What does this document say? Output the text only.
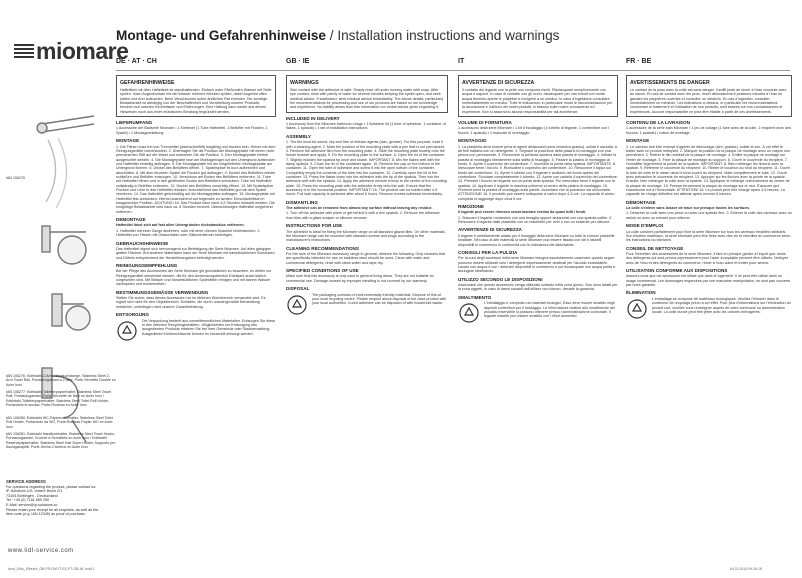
miomare
IAN 106276
IAN 106276: Edelstahl-2-Arm-Handtuchstange, Stainless Steel 2-Arm Towel Rail, Portasciugamani a 2 aste, Porte-Serviette Double en Acier Inox
IAN 106277: Edelstahl-Toilettenpapierhalter, Stainless Steel Towel Rail, Portasciugamani, Porte-Serviette de Bain en Acier Inox / Edelstahl-Toilettenpapierhalter, Stainless Steel Toilet Roll Holder, Portarotolo in acciaio, Porte-Rouleau en Acier Inox
IAN 106280: Edelstahl WC-Papierrollenhalter, Stainless Steel Toilet Roll Holder, Portarotolo da WC, Porte-Rouleau Papier WC en Acier Inox
IAN 106281: Edelstahl Handtuchhalter, Stainless Steel Towel Hooks, Portasciugamani, Crochet à Serviettes en Acier Inox / Edelstahl Reservepapierhalter, Stainless Steel Hair Dryer Holder, Supporto per Asciugacapelli, Porte-Sèche-Cheveux en Acier Inox
SERVICE ADDRESS
For questions regarding the product, please contact us:
IP-Solutions UG, Untere Bruch 2/1
73104 Börtlingen - Deutschland
Tel.: +49 (0) 7161 650 250
E-Mail: service@ip-solutions.cc
Please retain your receipt for all enquiries, as well as the item code (e.g. IAN 12345) as proof of purchase.
www.lidl-service.com
Anst_Edls_Elbecht_GB-FR-DM-IT-ES-PT-GB-NL.indd 1	04.11.2014 09:26:18
Montage- und Gefahrenhinweise / Installation instructions and warnings
DE · AT · CH	GB · IE	IT	FR · BE
GEFAHRENHINWEISE

Haftetikett mit über Haftetikett ist standhaltenden. Einfach unter Fließenden Wasser mit Seife spülen. Nach Augenkontakt mit viel Wasser mehrere Minuten spülen, dabei Augenlid offen halten und Arzt aufsuchen. Beim Verschlucken sofort ärztlichen Rat einholen. Die sonstige Belastbarkeit ist abhängig von der Beschaffenheit und Verarbeitung unserer Produkte, beruhen auf unseren Kenntnissen und Erfahrungen. Eine Haftung kann weder aus diesen Hinweisen noch aus einer mündlichen Beratung begründet werden.

LIEFERUMFANG

1 Accessoire der Badserie Miomare • 1 Klebeset (1 Tube Haftmittel, 1 Beilüfter mit Flocken, 1 Spatel) • 1 Montageanleitung

MONTAGE

1. Die Fliese muss frei von Trennmittel (wachs/Antifett) tragfähig und trocken sein. Hierzu mit dem Reinigungsmittel vorbehandeln. 2. Übertragen Sie die Position der Montageplatte mit einem nicht permanenten Stift auf die Wand und markieren Sie die Position. 3. Den Montageplatte hierbei ausgerichtet werden. 4. Die Montageplatte lose am Montagebügel auf den Untergrund aufstecken und Haftmittel einseitig auftragen. 5. Die Montageplatte mit der mitgelieferten Montageplatte am Untergrund fixieren. 6. Deckel des Beilüfters öffnen. 7. Spatelspitze fix kurz aufbrechen und abschütten. 8. Mit dem feuchten Spatel die Flocken gut auftragen. 9. Deckel des Beilüfters wieder schließen und Beilüfter entsorgen. 10. Verschluss am Boden des Beilüfters entfernen. 11. Tube mit Haftmittel öffnen und in den geöffneten Boden des Beilüfters schrauben. Tube mit Haftmittel vollständig in Beilüfter entleeren. 12. Deckel des Beilüfters vorsichtig öffnen. 13. Mit Spatelspitze Flocken und Leim in das Haftmittel drücken. Anschließend das Haftmittel gut mit dem Spatel verrühren. 14. Das Haftmittel gleichmäßig auf die Montageplatte auftragen. 15. Montageplatte mit Haftmittel fest andrücken. Hierbei ausreichend auf folgendes zu achten: Einschaufeltisch in waagerechter Position. ACHTUNG! 16. Das Produkt kann nach 4-5 Stunden belastet werden. Die endgültige Belastbarkeit wird nach ca. 6 Stunden erreicht. Überschüssiges Haftmittel umgehend entfernen.

DEMONTAGE

Haftmittel lässt sich auf fast allen Untergründen rückstandslos entfernen.

1. Haftmittel mit einer Zange abdrehen, oder mit einer dünnen Spachtel hinterstechen. 2. Haftmittel von Fliesen mit Glasschaber oder Silikonentferner beseitigen.

GEBRAUCHSHINWEISE

Das Haftmittel eignet sich hervorragend zur Befestigung der Serie Miomare. Auf allen gängigen glatten Flächen. Auf anderen Materialien kann die Serie Miomare mit handelsüblichen Schrauben und Dübeln entsprechend der Herstellerangaben befestigt werden.

REINIGUNGSEMPFEHLUNG

Bei der Pflege des Accessoires der Serie Miomare gilt grundsätzlich zu beachten, es dürfen nur Reinigungsmittel verwendet werden, die für den Anwendungsbereich Edelstahl ausdrücklich vorgesehen sind. Mit Wasser und handelsüblichen Spülmitteln reinigen und mit klarem Wasser nachspülen und trockenreiben.

BESTIMMUNGSGEMÄSSE VERWENDUNG

Stellen Sie sicher, dass dieses Accessoire nur im üblichen Wohnbereich verwendet wird. Es eignet sich nicht für den Objektbereich. Schäden, die durch unsachgemäße Behandlung entstehen, unterliegen nicht unserer Garantieleistung.

ENTSORGUNG

Die Verpackung besteht aus umweltfreundlichen Materialien. Entsorgen Sie diese in den örtlichen Recyclingbehältern. Möglichkeiten zur Entsorgung des ausgedienten Produkts erfahren Sie bei Ihrer Gemeinde oder Stadtverwaltung. Ausgediente Kühlerschläuche können im Hausmüll entsorgt werden.

WARNINGS

Skin contact with the adhesive is safe. Simply rinse off under running water with soap. After eye contact, rinse with plenty of water for several minutes keeping the eyelid open, and seek medical advice. If swallowed, seek medical advice immediately. The above details, particularly the recommendations for processing and use of our products are based on our knowledge and experience. No liability arises from this information nor verbal advice given regarding it.

INCLUDED IN DELIVERY

1 Accessory from the Miomare bathroom range • 1 Adhesive kit (1 tube of adhesive, 1 container of flakes, 1 spatula) • 1 set of installation instructions

ASSEMBLY

1. The tile must be sound, dry and free of release agents (wax, grease). For this purpose, treat it with a cleaning agent. 2. Mark the position of the mounting plate with a pen that is not permanent. 3. Remove the adhesive film from the mounting plate. 4. Slide the mounting plate loosely onto the fixture bracket and apply. 5. Fix the mounting plate to the surface. 6. Open the lid of the container. 7. Slightly moisten the spatula tip once and shake. IMPORTANT. 8. Mix the flakes well with the damp spatula. 9. Close the lid of the container again. 10. Remove the cap on the bottom of the container. 11. Open the tube of adhesive and screw it into the open bottom of the container. Completely empty the contents of the tube into the container. 12. Carefully open the lid of the container. 13. Press the flakes down into the adhesive with the tip of the spatula. Then mix the adhesive well with the spatula. 14. Apply the adhesive mixture evenly to the centre of the mounting plate. 15. Press the mounting plate with the adhesive firmly onto the wall. Ensure that the accessory is in the horizontal position. IMPORTANT! 16. The product can be loaded after 4-5 hours. Full load capacity is achieved after about 6 hours. Remove excess adhesive immediately.

DISMANTLING

The adhesive can be removed from almost any surface without leaving any residue.

1. Turn off the adhesive with pliers or get behind it with a thin spatula. 2. Remove the adhesive from tiles with a glass scraper or silicone remover.

INSTRUCTIONS FOR USE

The adhesive is ideal for fixing the Miomare range on all standard glazed tiles. On other materials, the Miomare range can be mounted with standard screws and plugs according to the manufacturer's instructions.

CLEANING RECOMMENDATIONS

For the care of the Miomare accessory range in general, observe the following: Only cleaners that are specifically intended for use on stainless steel should be used. Clean with water and commercial detergents, rinse with clean water and wipe dry.

SPECIFIED CONDITIONS OF USE

Make sure that this accessory is only used in general living areas. They are not suitable for commercial use. Damage caused by improper handling is not covered by our warranty.

DISPOSAL

The packaging consists of environmentally friendly materials. Dispose of this at your local recycling centre. Please enquire about disposal of the used product with your local authorities. Cured adhesive can be disposed of with household waste.

AVVERTENZE DI SICUREZZA

Il contatto del legante con la pelle non comporta rischi. Risciacquare semplicemente con acqua e sapone. In caso di contatto con gli occhi, risciacquare per vari minuti con molta acqua tenendo aperte le palpebre e rivolgersi a un medico. In caso d'ingestione consultare immediatamente un medico. Tutte le indicazioni, in particolare modo le raccomandazioni per la lavorazione e l'utilizzo dei nostri prodotti, si basano sulle nostre conoscenze ed esperienze. Non si assumono alcuna responsabilità per tali avvertenze.

VOLUME DI FORNITURA

1 accessorio della serie Miomare • 1 kit d'incollaggio (1 tubetto di legante, 1 contenitore con i fiocchi, 1 spatola) • 1 manuale di montaggio

MONTAGGIO

1. La piastrella deve essere priva di agenti distaccanti (cera ceramica grasso), solida e asciutta. A tal fine trattarla con un detergente. 2. Segnare la posizione della piastra di montaggio con una penna non permanente. 3. Rimuovere la pellicola adesiva dalla piastra di montaggio. 4. Infilare la piastra di montaggio liberamente sulla staffa di fissaggio. 5. Fissare la piastra di montaggio al fondo. 6. Aprire il coperchio del contenitore. 7. Inumidire la punta della spatola. IMPORTANTE. 8. Mescolare bene i fiocchi. 9. Richiudere il coperchio del contenitore. 10. Rimuovere il tappo sul fondo del contenitore. 11. Aprire il tubetto con il legante e avvitarlo nel fondo aperto del contenitore. Svuotare completamente il tubetto. 12. Aprire con cautela il coperchio del contenitore. 13. Premere i fiocchi nel legante con la punta della spatola. Poi mescolare bene il legante con la spatola. 14. Applicare il legante in maniera uniforme al centro della piastra di montaggio. 15. Premere bene la piastra di montaggio sulla parete. Accertarsi che la posizione sia orizzontale. ATTENZIONE! 16. Il prodotto può essere sottoposto a carico dopo 4-5 ore. La capacità di carico completa si raggiunge dopo circa 6 ore.

RIMOZIONE

Il legante può essere rimosso senza lasciare residui da quasi tutti i fondi.

1. Staccare il legante ruotandolo con una tenaglia oppure aiutandosi con una spatola sottile. 2. Rimuovere il legante dalle piastrelle con un raschietto per vetri o con un solvente per silicone.

AVVERTENZE DI SICUREZZA

Il legante è perfettamente adatto per il fissaggio della serie Miomare su tutte le comuni piastrelle smaltate. Nel caso di altri materiali la serie Miomare può essere fissata con viti e tasselli disponibili in commercio in conformità con le indicazioni del fabbricante.

CONSIGLI PER LA PULIZIA

Per la cura degli accessori della serie Miomare bisogna assolutamente osservare quanto segue: possono essere utilizzati solo i detergenti espressamente destinati per l'acciaio inossidabile. Lavare con acqua e con i detersivi disponibili in commercio e poi risciacquare con acqua pulita e asciugare strofinando.

UTILIZZO SECONDO LE DISPOSIZIONI

Assicurarsi che questo accessorio venga utilizzato soltanto nella zona giorno. Non sono adatti per la zona oggetti. In caso di danni causati dall'utilizzo non idoneo, decade la garanzia.

SMALTIMENTO

L'imballaggio è composto da materiali ecologici. Esso deve essere smaltito negli appositi contenitori per il riciclaggio. Le informazioni relative allo smaltimento del prodotto inservibile si possono ottenere presso l'amministrazione comunale. Il legante indurito può essere smaltito con i rifiuti domestici.

AVERTISSEMENTS DE DANGER

Le contact de la peau avec la colle est sans danger. Il suffit juste de rincer à l'eau courante avec du savon. En cas de contact avec les yeux, rincer abondamment plusieurs minutes à l'eau en gardant les paupières ouvertes et consulter un médecin. En cas d'ingestion, consulter immédiatement un médecin. Les indications ci-dessus, en particulier les recommandations concernant le traitement et l'utilisation de nos produits, sont basées sur nos connaissances et expériences. Aucune responsabilité ne peut être établie à partir de ces avertissements.

CONTENU DE LA LIVRAISON

1 accessoire de la série bain Miomare • 1 jeu de collage (1 tube avec de la colle, 1 récipient avec des flocons, 1 spatule) • notice de montage

MONTAGE

1. Le carreau doit être exempt d'agents de démoulage (cire, graisse), solide et sec. À cet effet le traiter avec un produit nettoyant. 2. Marquer la position de la plaque de montage avec un crayon non permanent. 3. Retirer le film adhésif de la plaque de montage. 4. Enfiler la plaque de montage sur l'étrier de montage. 5. Fixer la plaque de montage au support. 6. Ouvrir le couvercle du récipient. 7. Humidifier légèrement la pointe de la spatule. IMPORTANT. 8. Bien mélanger les flocons avec la spatule. 9. Refermer le couvercle du récipient. 10. Retirer le bouchon au fond du récipient. 11. Ouvrir le tube de colle et le visser dans le fond ouvert du récipient. Vider complètement le tube. 12. Ouvrir avec précaution le couvercle du récipient. 13. Appuyer sur les flocons avec la pointe de la spatule. Ensuite, bien mélanger la colle avec la spatule. 14. Appliquer le mélange uniformément au centre de la plaque de montage. 15. Presser fermement la plaque de montage sur le mur. S'assurer que l'accessoire est à l'horizontale. ATTENTION! 16. Le produit peut être chargé après 4-5 heures. La capacité de charge définitive est atteinte après environ 6 heures.

DÉMONTAGE

La colle s'enlève sans laisser de trace sur presque toutes les surfaces.

1. Détacher la colle avec une pince ou avec une spatule fine. 2. Enlever la colle des carreaux avec un racloir ou avec un solvant pour silicone.

MODE D'EMPLOI

La colle convient parfaitement pour fixer la série Miomare sur tous les carreaux émaillés habituels. Sur d'autres matériaux, la série Miomare peut être fixée avec des vis et chevilles du commerce selon les instructions du fabricant.

CONSEIL DE NETTOYAGE

Pour l'entretien des accessoires de la série Miomare, il faut en principe garder à l'esprit que: seuls des détergents qui sont prévus expressément pour l'acier inoxydable peuvent être utilisés. Nettoyer avec de l'eau et des détergents du commerce, rincer à l'eau claire et frotter pour sécher.

UTILISATION CONFORME AUX DISPOSITIONS

Assurez-vous que cet accessoire est utilisé que dans le logement. Il ne peut être utilisé dans un usage commercial. Les dommages engendrés par une mauvaise manipulation, ne sont pas couverts par notre garantie.

ÉLIMINATION

L'emballage se compose de matériaux écologiques. Veuillez l'éliminer dans le conteneur de recyclage prévu à cet effet. Pour plus d'informations sur l'élimination du produit usé, veuillez vous renseigner auprès de votre commune ou administration locale. La colle durcie peut être jetée avec les ordures ménagères.
